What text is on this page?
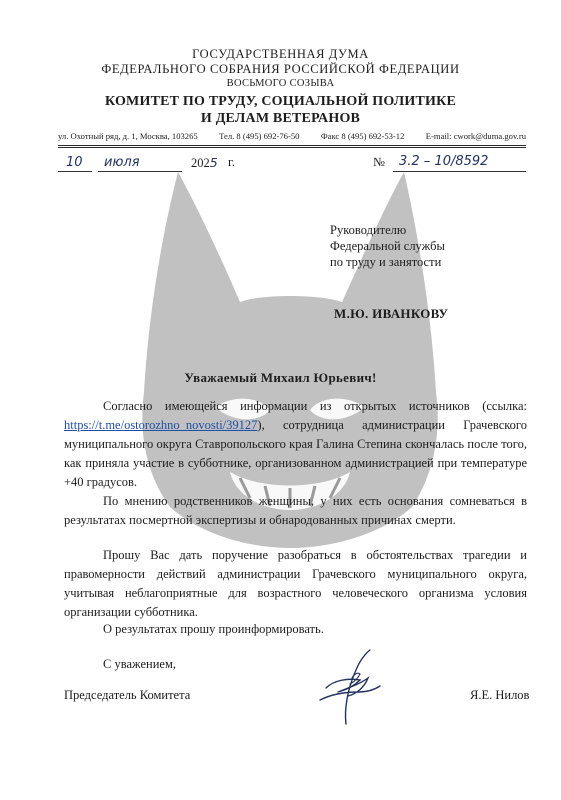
ГОСУДАРСТВЕННАЯ ДУМА
ФЕДЕРАЛЬНОГО СОБРАНИЯ РОССИЙСКОЙ ФЕДЕРАЦИИ
ВОСЬМОГО СОЗЫВА
КОМИТЕТ ПО ТРУДУ, СОЦИАЛЬНОЙ ПОЛИТИКЕ
И ДЕЛАМ ВЕТЕРАНОВ
ул. Охотный ряд, д. 1, Москва, 103265 Тел. 8 (495) 692-76-50 Факс 8 (495) 692-53-12 E-mail: cwork@duma.gov.ru
10 июля	2025 г.	№ 3.2 – 10/8592
Руководителю
Федеральной службы
по труду и занятости
М.Ю. ИВАНКОВУ
Уважаемый Михаил Юрьевич!
Согласно имеющейся информации из открытых источников (ссылка: https://t.me/ostorozhno_novosti/39127), сотрудница администрации Грачевского муниципального округа Ставропольского края Галина Степина скончалась после того, как приняла участие в субботнике, организованном администрацией при температуре +40 градусов.
По мнению родственников женщины, у них есть основания сомневаться в результатах посмертной экспертизы и обнародованных причинах смерти.
Прошу Вас дать поручение разобраться в обстоятельствах трагедии и правомерности действий администрации Грачевского муниципального округа, учитывая неблагоприятные для возрастного человеческого организма условия организации субботника.
О результатах прошу проинформировать.
С уважением,
Председатель Комитета	Я.Е. Нилов
